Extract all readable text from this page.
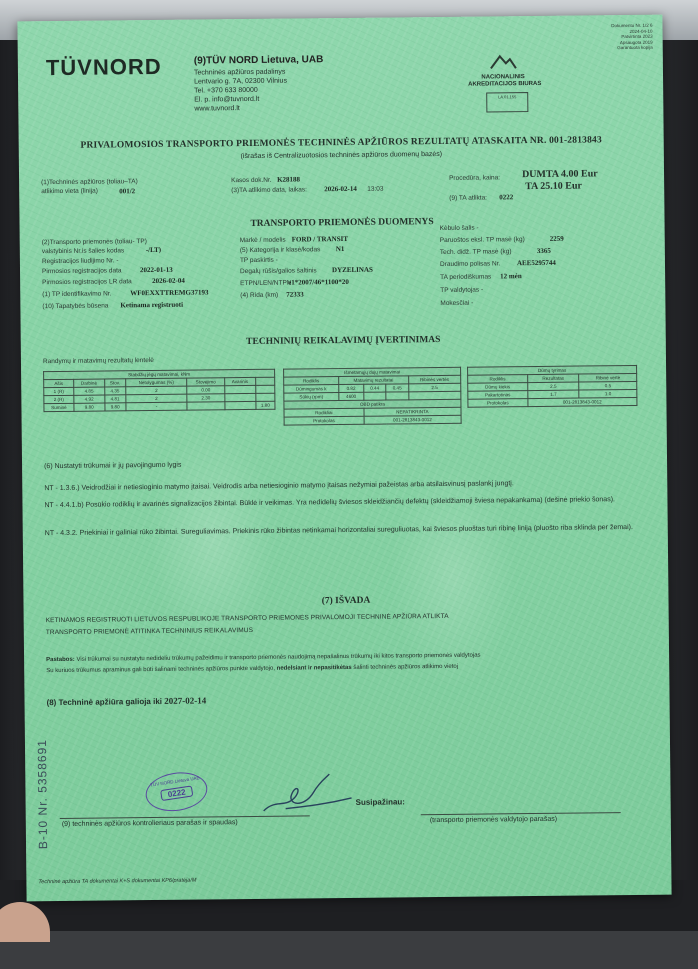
Dokumento Nr. 1/2 6
2024-04-10
Patvirtinta 2023
Apsaugota 2019
Garantuota kopija
TÜVNORD	(9)TÜV NORD Lietuva, UAB
Techninės apžiūros padalinys
Lentvario g. 7A, 02300 Vilnius
Tel. +370 633 80000
El. p. info@tuvnord.lt
www.tuvnord.lt
NACIONALINIS
AKREDITACIJOS BIURAS
LA.01.155
PRIVALOMOSIOS TRANSPORTO PRIEMONĖS TECHNINĖS APŽIŪROS REZULTATŲ ATASKAITA NR. 001-2813843
(išrašas iš Centralizuotosios techninės apžiūros duomenų bazės)
(1)Techninės apžiūros (toliau–TA)
atlikimo vieta (linija)	001/2
Kasos dok.Nr. K28188
(3)TA atlikimo data, laikas: 2026-02-14 13:03
Procedūra, kaina: DUMTA 4.00 Eur
TA 25.10 Eur
(9) TA atlikta: 0222
TRANSPORTO PRIEMONĖS DUOMENYS
(2)Transporto priemonės (toliau- TP)
valstybinis Nr.is šalies kodas	-/LT)
Registracijos liudijimo Nr. -
Pirmosios registracijos data	2022-01-13
Pirmosios registracijos LR data	2026-02-04
(1) TP identifikavimo Nr.	WF0EXXTTREMG37193
(10) Tapatybės būsena Ketinama registruoti
Markė / modelis FORD / TRANSIT
(5) Kategorija ir klasė/kodas N1
TP paskirtis -
Degalų rūšis/galios šaltinis DYZELINAS
ETPN/LEN/NTPN
e1*2007/46*1100*20
(4) Rida (km) 72333
Kėbulo šalis -
Paruoštos eksl. TP masė (kg)	2259
Tech. didž. TP masė (kg)	3365
Draudimo polisas Nr. AEE5295744
TA periodiškumas 12 mėn
TP valdytojas -
Mokesčiai -
TECHNINIŲ REIKALAVIMŲ ĮVERTINIMAS
Randymų ir matavimų rezultatų lentelė
Stabdžių jėgų matavimai, kNm						
Ašis	Darbinė	Stov.	Netolygumas (%)	Stovėjimo	Avarinis	
1 (R)	4.85	4.35	2	0.00		
2 (R)	4.92	4.81	2	2.30		
Suminė	9.80	9.80	-			1.80
Išmetamųjų dujų matavimai				
Rodiklis	Matavimų rezultatai			Ribinės vertės
Dūmingumas k	0.82	0.44	0.45	2.5
Sūkių (rpm)	4600			
OBD patikra				
Rodikliai		NEPATIKRINTA		
Protokolas		001-2813843-0012		
Dūmų tyrimas		
Rodiklis	Rezultatas	Ribinė vertė
Dūmų kiekis	2.5	0.5
Pakartotinas	1.7	1.0
Protokolas	001-2813843-0012	
(6) Nustatyti trūkumai ir jų pavojingumo lygis
NT - 1.3.6.) Veidrodžiai ir netiesioginio matymo įtaisai. Veidrodis arba netiesioginio matymo įtaisas nežymiai pažeistas arba atsilaisvinusį paslankį jungtį.
NT - 4.4.1.b) Posūkio rodiklių ir avarinės signalizacijos žibintai. Būklė ir veikimas. Yra nedidelių šviesos skleidžiančių defektų (skleidžiamoji šviesa nepakankama) (dešinė priekio šonas).
NT - 4.3.2. Priekiniai ir galiniai rūko žibintai. Sureguliavimas. Priekinis rūko žibintas netinkamai horizontaliai sureguliuotas, kai šviesos pluoštas turi ribinę liniją (pluošto riba sklinda per žemai).
(7) IŠVADA
KETINAMOS REGISTRUOTI LIETUVOS RESPUBLIKOJE TRANSPORTO PRIEMONĖS PRIVALOMOJI TECHNINĖ APŽIŪRA ATLIKTA
TRANSPORTO PRIEMONĖ ATITINKA TECHNINIUS REIKALAVIMUS
Pastabos: Visi trūkumai su nustatytu nedideliu trūkumų pažeidimu ir transporto priemonės naudojimą nepašalinus trūkumų iki kitos transporto priemonės valdytojas
Su kuriuos trūkumus apraminus gali būti šalinami techninės apžiūros punkte valdytojo, nedelsiant ir nepasitikėtas šalinti techninės apžiūros atlikimo vietoj
(8) Techninė apžiūra galioja iki 2027-02-14
TÜV NORD Lietuva UAB
0222
Susipažinau:
(9) techninės apžiūros kontrolieriaus parašas ir spaudas)	(transporto priemonės valdytojo parašas)
Techninė apžiūra TA dokumentai K+S dokumentai KP6/pratėja/M
B-10 Nr. 5358691
